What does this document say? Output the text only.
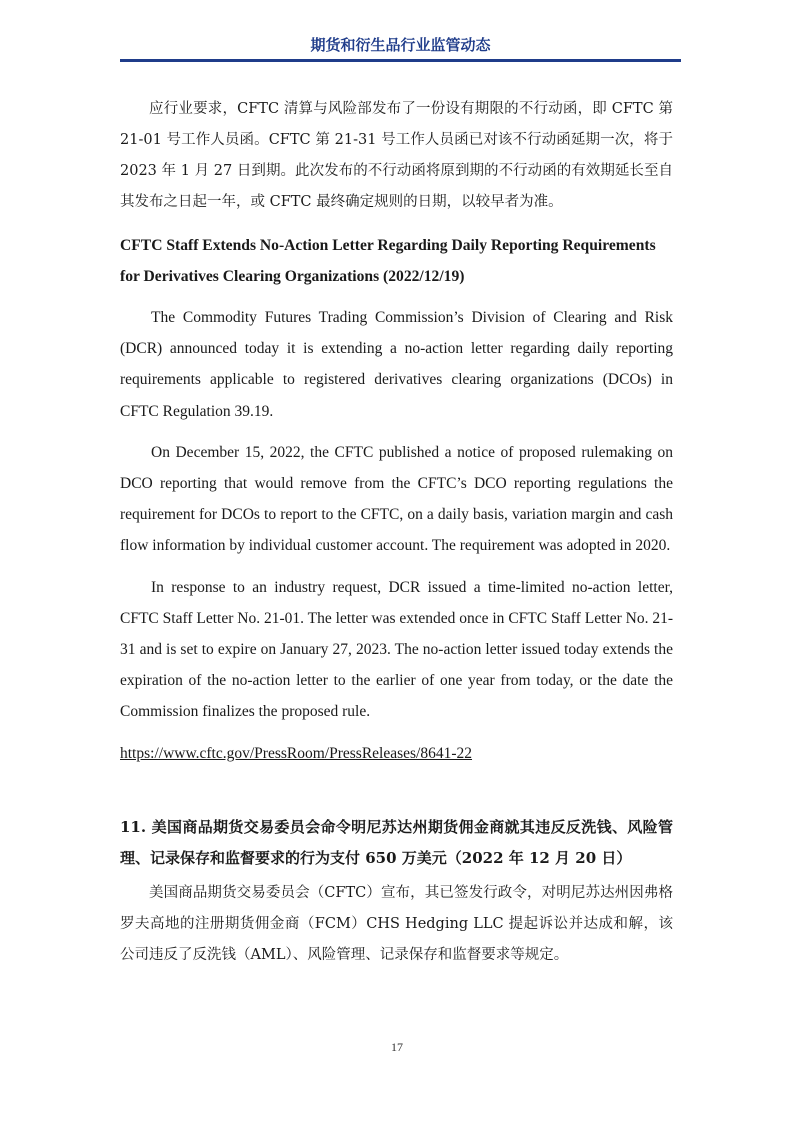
期货和衍生品行业监管动态

应行业要求，CFTC 清算与风险部发布了一份设有期限的不行动函，即 CFTC 第 21-01 号工作人员函。CFTC 第 21-31 号工作人员函已对该不行动函延期一次，将于 2023 年 1 月 27 日到期。此次发布的不行动函将原到期的不行动函的有效期延长至自其发布之日起一年，或 CFTC 最终确定规则的日期，以较早者为准。

CFTC Staff Extends No-Action Letter Regarding Daily Reporting Requirements for Derivatives Clearing Organizations (2022/12/19)

The Commodity Futures Trading Commission’s Division of Clearing and Risk (DCR) announced today it is extending a no-action letter regarding daily reporting requirements applicable to registered derivatives clearing organizations (DCOs) in CFTC Regulation 39.19.

On December 15, 2022, the CFTC published a notice of proposed rulemaking on DCO reporting that would remove from the CFTC’s DCO reporting regulations the requirement for DCOs to report to the CFTC, on a daily basis, variation margin and cash flow information by individual customer account. The requirement was adopted in 2020.

In response to an industry request, DCR issued a time-limited no-action letter, CFTC Staff Letter No. 21-01. The letter was extended once in CFTC Staff Letter No. 21-31 and is set to expire on January 27, 2023. The no-action letter issued today extends the expiration of the no-action letter to the earlier of one year from today, or the date the Commission finalizes the proposed rule.

https://www.cftc.gov/PressRoom/PressReleases/8641-22

11. 美国商品期货交易委员会命令明尼苏达州期货佣金商就其违反反洗钱、风险管理、记录保存和监督要求的行为支付 650 万美元（2022 年 12 月 20 日）

美国商品期货交易委员会（CFTC）宣布，其已签发行政令，对明尼苏达州因弗格罗夫高地的注册期货佣金商（FCM）CHS Hedging LLC 提起诉讼并达成和解，该公司违反了反洗钱（AML）、风险管理、记录保存和监督要求等规定。

17
